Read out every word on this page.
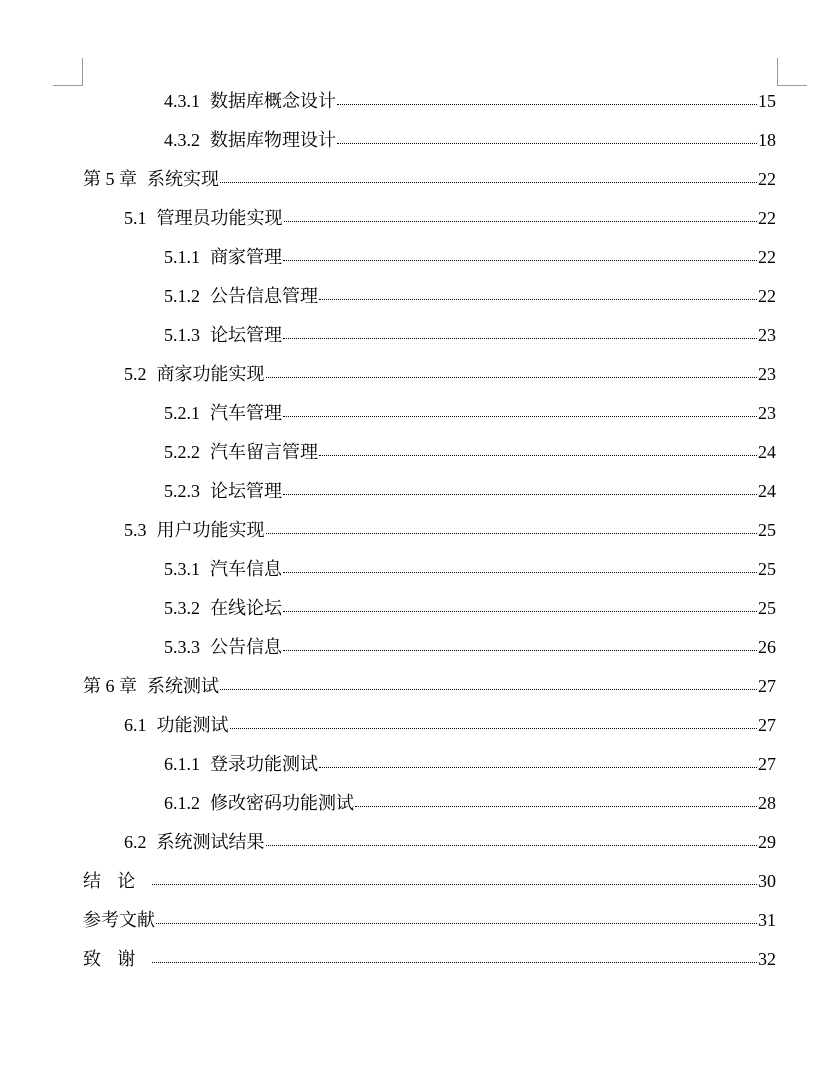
4.3.1 数据库概念设计	15
4.3.2 数据库物理设计	18
第 5 章 系统实现	22
5.1 管理员功能实现	22
5.1.1 商家管理	22
5.1.2 公告信息管理	22
5.1.3 论坛管理	23
5.2 商家功能实现	23
5.2.1 汽车管理	23
5.2.2 汽车留言管理	24
5.2.3 论坛管理	24
5.3 用户功能实现	25
5.3.1 汽车信息	25
5.3.2 在线论坛	25
5.3.3 公告信息	26
第 6 章 系统测试	27
6.1 功能测试	27
6.1.1 登录功能测试	27
6.1.2 修改密码功能测试	28
6.2 系统测试结果	29
结论	30
参考文献	31
致谢	32
